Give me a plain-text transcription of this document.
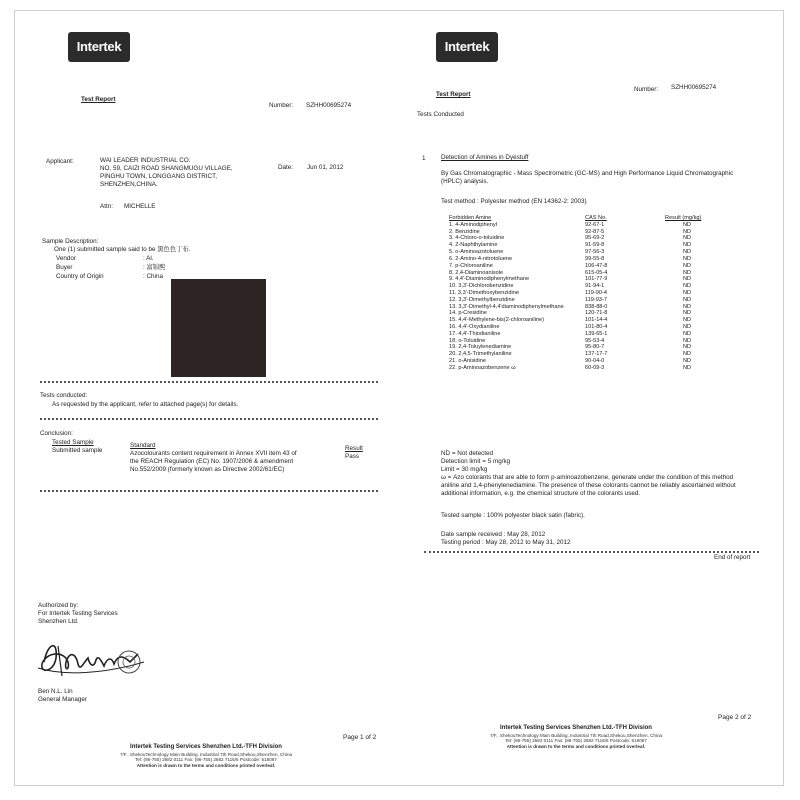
Intertek
Test Report
Number: SZHH00695274
Applicant:	WAI LEADER INDUSTRIAL CO.
NO. 59, CAIZI ROAD SHANGMUGU VILLAGE,
PINGHU TOWN, LONGGANG DISTRICT,
SHENZHEN,CHINA.
Date: Jun 01, 2012
Attn: MICHELLE
Sample Description:
One (1) submitted sample said to be 黑色色丁布.
Vendor	: Al.
Buyer	: 富锦熙
Country of Origin	: China
Tests conducted:
As requested by the applicant, refer to attached page(s) for details.
Conclusion:
Tested Sample	Standard	Result
Submitted sample	Azocolourants content requirement in Annex XVII item 43 of
the REACH Regulation (EC) No. 1907/2006 & amendment
No.552/2009 (formerly known as Directive 2002/61/EC)
Pass
Authorized by:
For Intertek Testing Services
Shenzhen Ltd.
Ben N.L. Lin
General Manager
Page 1 of 2
Intertek Testing Services Shenzhen Ltd.-TFH Division
7/F., ShekouTechnology Main Building, Industrial 7th Road,Shekou,Shenzhen, China
Tel: (86-755) 2682 0111 Fax: (86-755) 2682 7116/6 Postcode: 518067
Attention is drawn to the terms and conditions printed overleaf.
Intertek
Test Report
Number: SZHH00695274
Tests Conducted
1 Detection of Amines in Dyestuff
By Gas Chromatographic - Mass Spectrometric (GC-MS) and High Performance Liquid Chromatographic
(HPLC) analysis.
Test method : Polyester method (EN 14362-2: 2003)
Forbidden Amine	CAS No.	Result (mg/kg)
1. 4-Aminodiphenyl	92-67-1	ND
2. Benzidine	92-87-5	ND
3. 4-Chloro-o-toluidine	95-69-2	ND
4. 2-Naphthylamine	91-59-8	ND
5. o-Aminoazotoluene	97-56-3	ND
6. 2-Amino-4-nitrotoluene	99-55-8	ND
7. p-Chloroaniline	106-47-8	ND
8. 2,4-Diaminoanisole	615-05-4	ND
9. 4,4'-Diaminodiphenylmethane	101-77-9	ND
10. 3,3'-Dichlorobenzidine	91-94-1	ND
11. 3,3'-Dimethoxybenzidine	119-90-4	ND
12. 3,3'-Dimethylbenzidine	119-93-7	ND
13. 3,3'-Dimethyl-4,4'diaminodiphenylmethane	838-88-0	ND
14. p-Cresidine	120-71-8	ND
15. 4,4'-Methylene-bis(2-chloroaniline)	101-14-4	ND
16. 4,4'-Oxydianiline	101-80-4	ND
17. 4,4'-Thiodianiline	139-65-1	ND
18. o-Toluidine	95-53-4	ND
19. 2,4-Toluylenediamine	95-80-7	ND
20. 2,4,5-Trimethylaniline	137-17-7	ND
21. o-Anisidine	90-04-0	ND
22. p-Aminoazobenzene ω	60-09-3	ND
ND = Not detected
Detection limit = 5 mg/kg
Limit = 30 mg/kg
ω = Azo colorants that are able to form p-aminoazobenzene, generate under the condition of this method
aniline and 1,4-phenylenediamine. The presence of these colorants cannot be reliably ascertained without
additional information, e.g. the chemical structure of the colorants used.
Tested sample : 100% polyester black satin (fabric).
Date sample received : May 28, 2012
Testing period : May 28, 2012 to May 31, 2012
End of report
Page 2 of 2
Intertek Testing Services Shenzhen Ltd.-TFH Division
7/F., ShekouTechnology Main Building, Industrial 7th Road,Shekou,Shenzhen, China
Tel: (86-755) 2682 0111 Fax: (86-755) 2682 7116/6 Postcode: 518067
Attention is drawn to the terms and conditions printed overleaf.
